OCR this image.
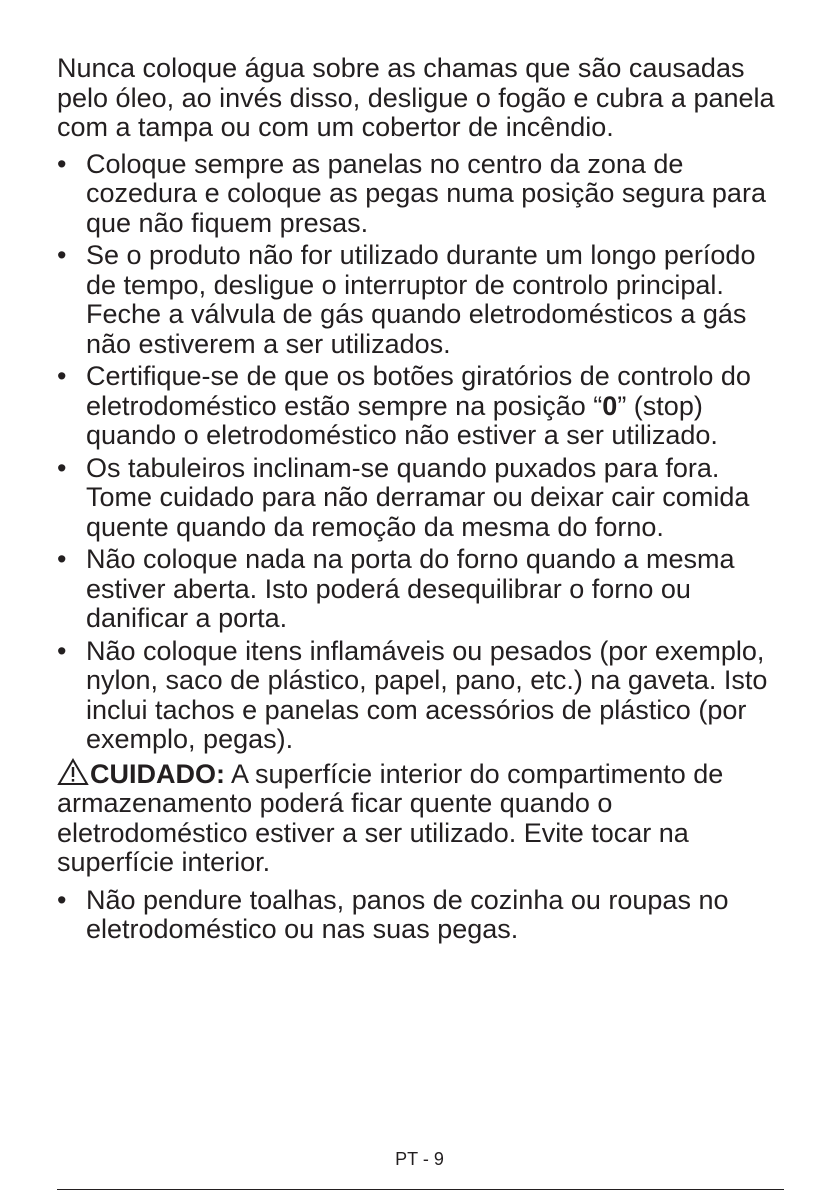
Nunca coloque água sobre as chamas que são causadas pelo óleo, ao invés disso, desligue o fogão e cubra a panela com a tampa ou com um cobertor de incêndio.

• Coloque sempre as panelas no centro da zona de cozedura e coloque as pegas numa posição segura para que não fiquem presas.
• Se o produto não for utilizado durante um longo período de tempo, desligue o interruptor de controlo principal. Feche a válvula de gás quando eletrodomésticos a gás não estiverem a ser utilizados.
• Certifique-se de que os botões giratórios de controlo do eletrodoméstico estão sempre na posição “0” (stop) quando o eletrodoméstico não estiver a ser utilizado.
• Os tabuleiros inclinam-se quando puxados para fora. Tome cuidado para não derramar ou deixar cair comida quente quando da remoção da mesma do forno.
• Não coloque nada na porta do forno quando a mesma estiver aberta. Isto poderá desequilibrar o forno ou danificar a porta.
• Não coloque itens inflamáveis ou pesados (por exemplo, nylon, saco de plástico, papel, pano, etc.) na gaveta. Isto inclui tachos e panelas com acessórios de plástico (por exemplo, pegas).

CUIDADO: A superfície interior do compartimento de armazenamento poderá ficar quente quando o eletrodoméstico estiver a ser utilizado. Evite tocar na superfície interior.

• Não pendure toalhas, panos de cozinha ou roupas no eletrodoméstico ou nas suas pegas.
PT - 9
